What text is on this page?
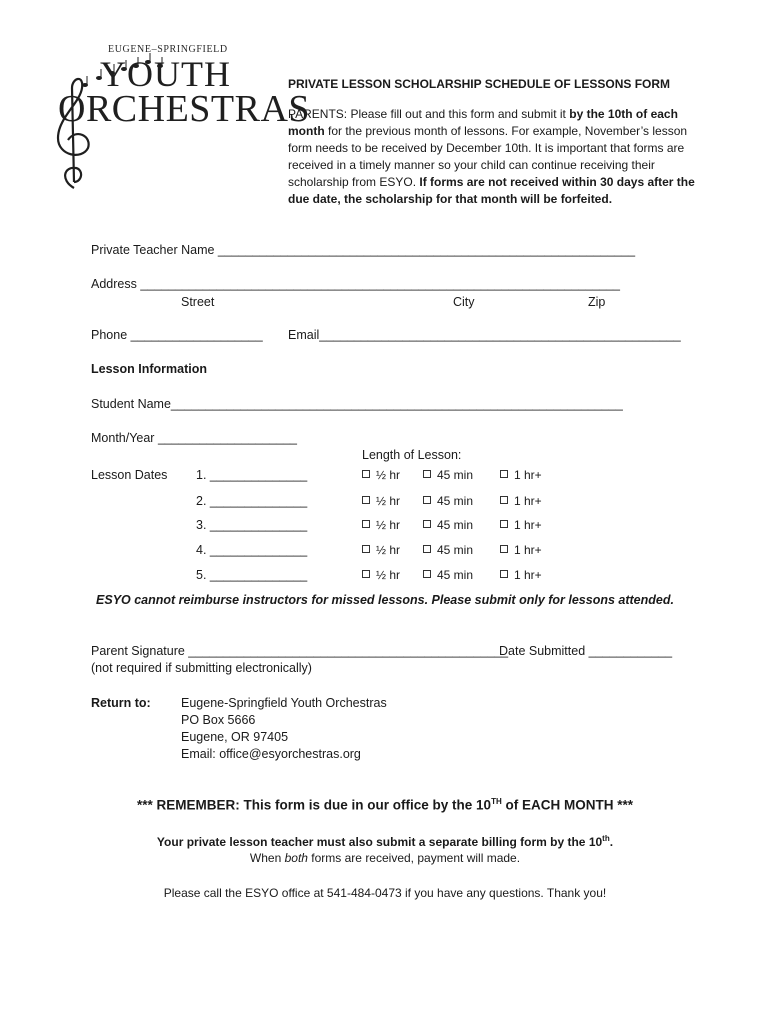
EUGENE–SPRINGFIELD
YOUTH
ORCHESTRAS
PRIVATE LESSON SCHOLARSHIP SCHEDULE OF LESSONS FORM
PARENTS: Please fill out and this form and submit it by the 10th of each month for the previous month of lessons. For example, November’s lesson form needs to be received by December 10th. It is important that forms are received in a timely manner so your child can continue receiving their scholarship from ESYO. If forms are not received within 30 days after the due date, the scholarship for that month will be forfeited.
Private Teacher Name ____________________________________________________________
Address _____________________________________________________________________
Street	City	Zip
Phone ___________________ Email____________________________________________________
Lesson Information
Student Name_________________________________________________________________
Month/Year ____________________
Length of Lesson:
Lesson Dates 1. ______________	½ hr	45 min	1 hr+
2. ______________	½ hr	45 min	1 hr+
3. ______________	½ hr	45 min	1 hr+
4. ______________	½ hr	45 min	1 hr+
5. ______________	½ hr	45 min	1 hr+
ESYO cannot reimburse instructors for missed lessons. Please submit only for lessons attended.
Parent Signature ______________________________________________
Date Submitted ____________
(not required if submitting electronically)
Return to: Eugene-Springfield Youth Orchestras
PO Box 5666
Eugene, OR 97405
Email: office@esyorchestras.org
*** REMEMBER: This form is due in our office by the 10TH of EACH MONTH ***
Your private lesson teacher must also submit a separate billing form by the 10th.
When both forms are received, payment will made.
Please call the ESYO office at 541-484-0473 if you have any questions. Thank you!
